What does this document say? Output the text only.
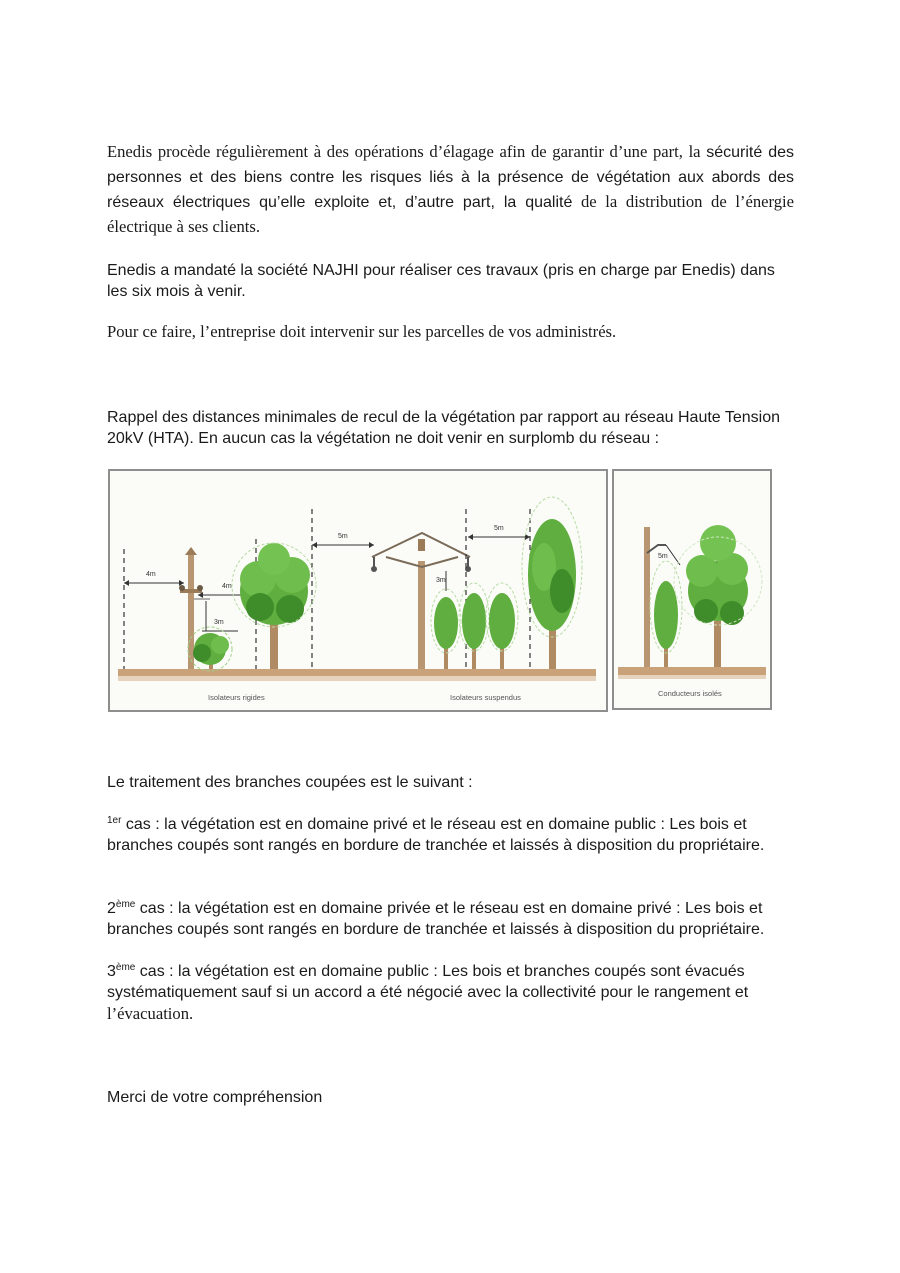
Enedis procède régulièrement à des opérations d’élagage afin de garantir d’une part, la sécurité des personnes et des biens contre les risques liés à la présence de végétation aux abords des réseaux électriques qu’elle exploite et, d’autre part, la qualité de la distribution de l’énergie électrique à ses clients.

Enedis a mandaté la société NAJHI pour réaliser ces travaux (pris en charge par Enedis) dans les six mois à venir.

Pour ce faire, l’entreprise doit intervenir sur les parcelles de vos administrés.

Rappel des distances minimales de recul de la végétation par rapport au réseau Haute Tension 20kV (HTA). En aucun cas la végétation ne doit venir en surplomb du réseau :

4m
4m
3m
5m
3m
5m
Isolateurs rigides	Isolateurs suspendus
5m
Conducteurs isolés

Le traitement des branches coupées est le suivant :

$^{1er}$ cas : la végétation est en domaine privé et le réseau est en domaine public : Les bois et branches coupés sont rangés en bordure de tranchée et laissés à disposition du propriétaire.

2ème cas : la végétation est en domaine privée et le réseau est en domaine privé : Les bois et branches coupés sont rangés en bordure de tranchée et laissés à disposition du propriétaire.

3ème cas : la végétation est en domaine public : Les bois et branches coupés sont évacués systématiquement sauf si un accord a été négocié avec la collectivité pour le rangement et l’évacuation.

Merci de votre compréhension
